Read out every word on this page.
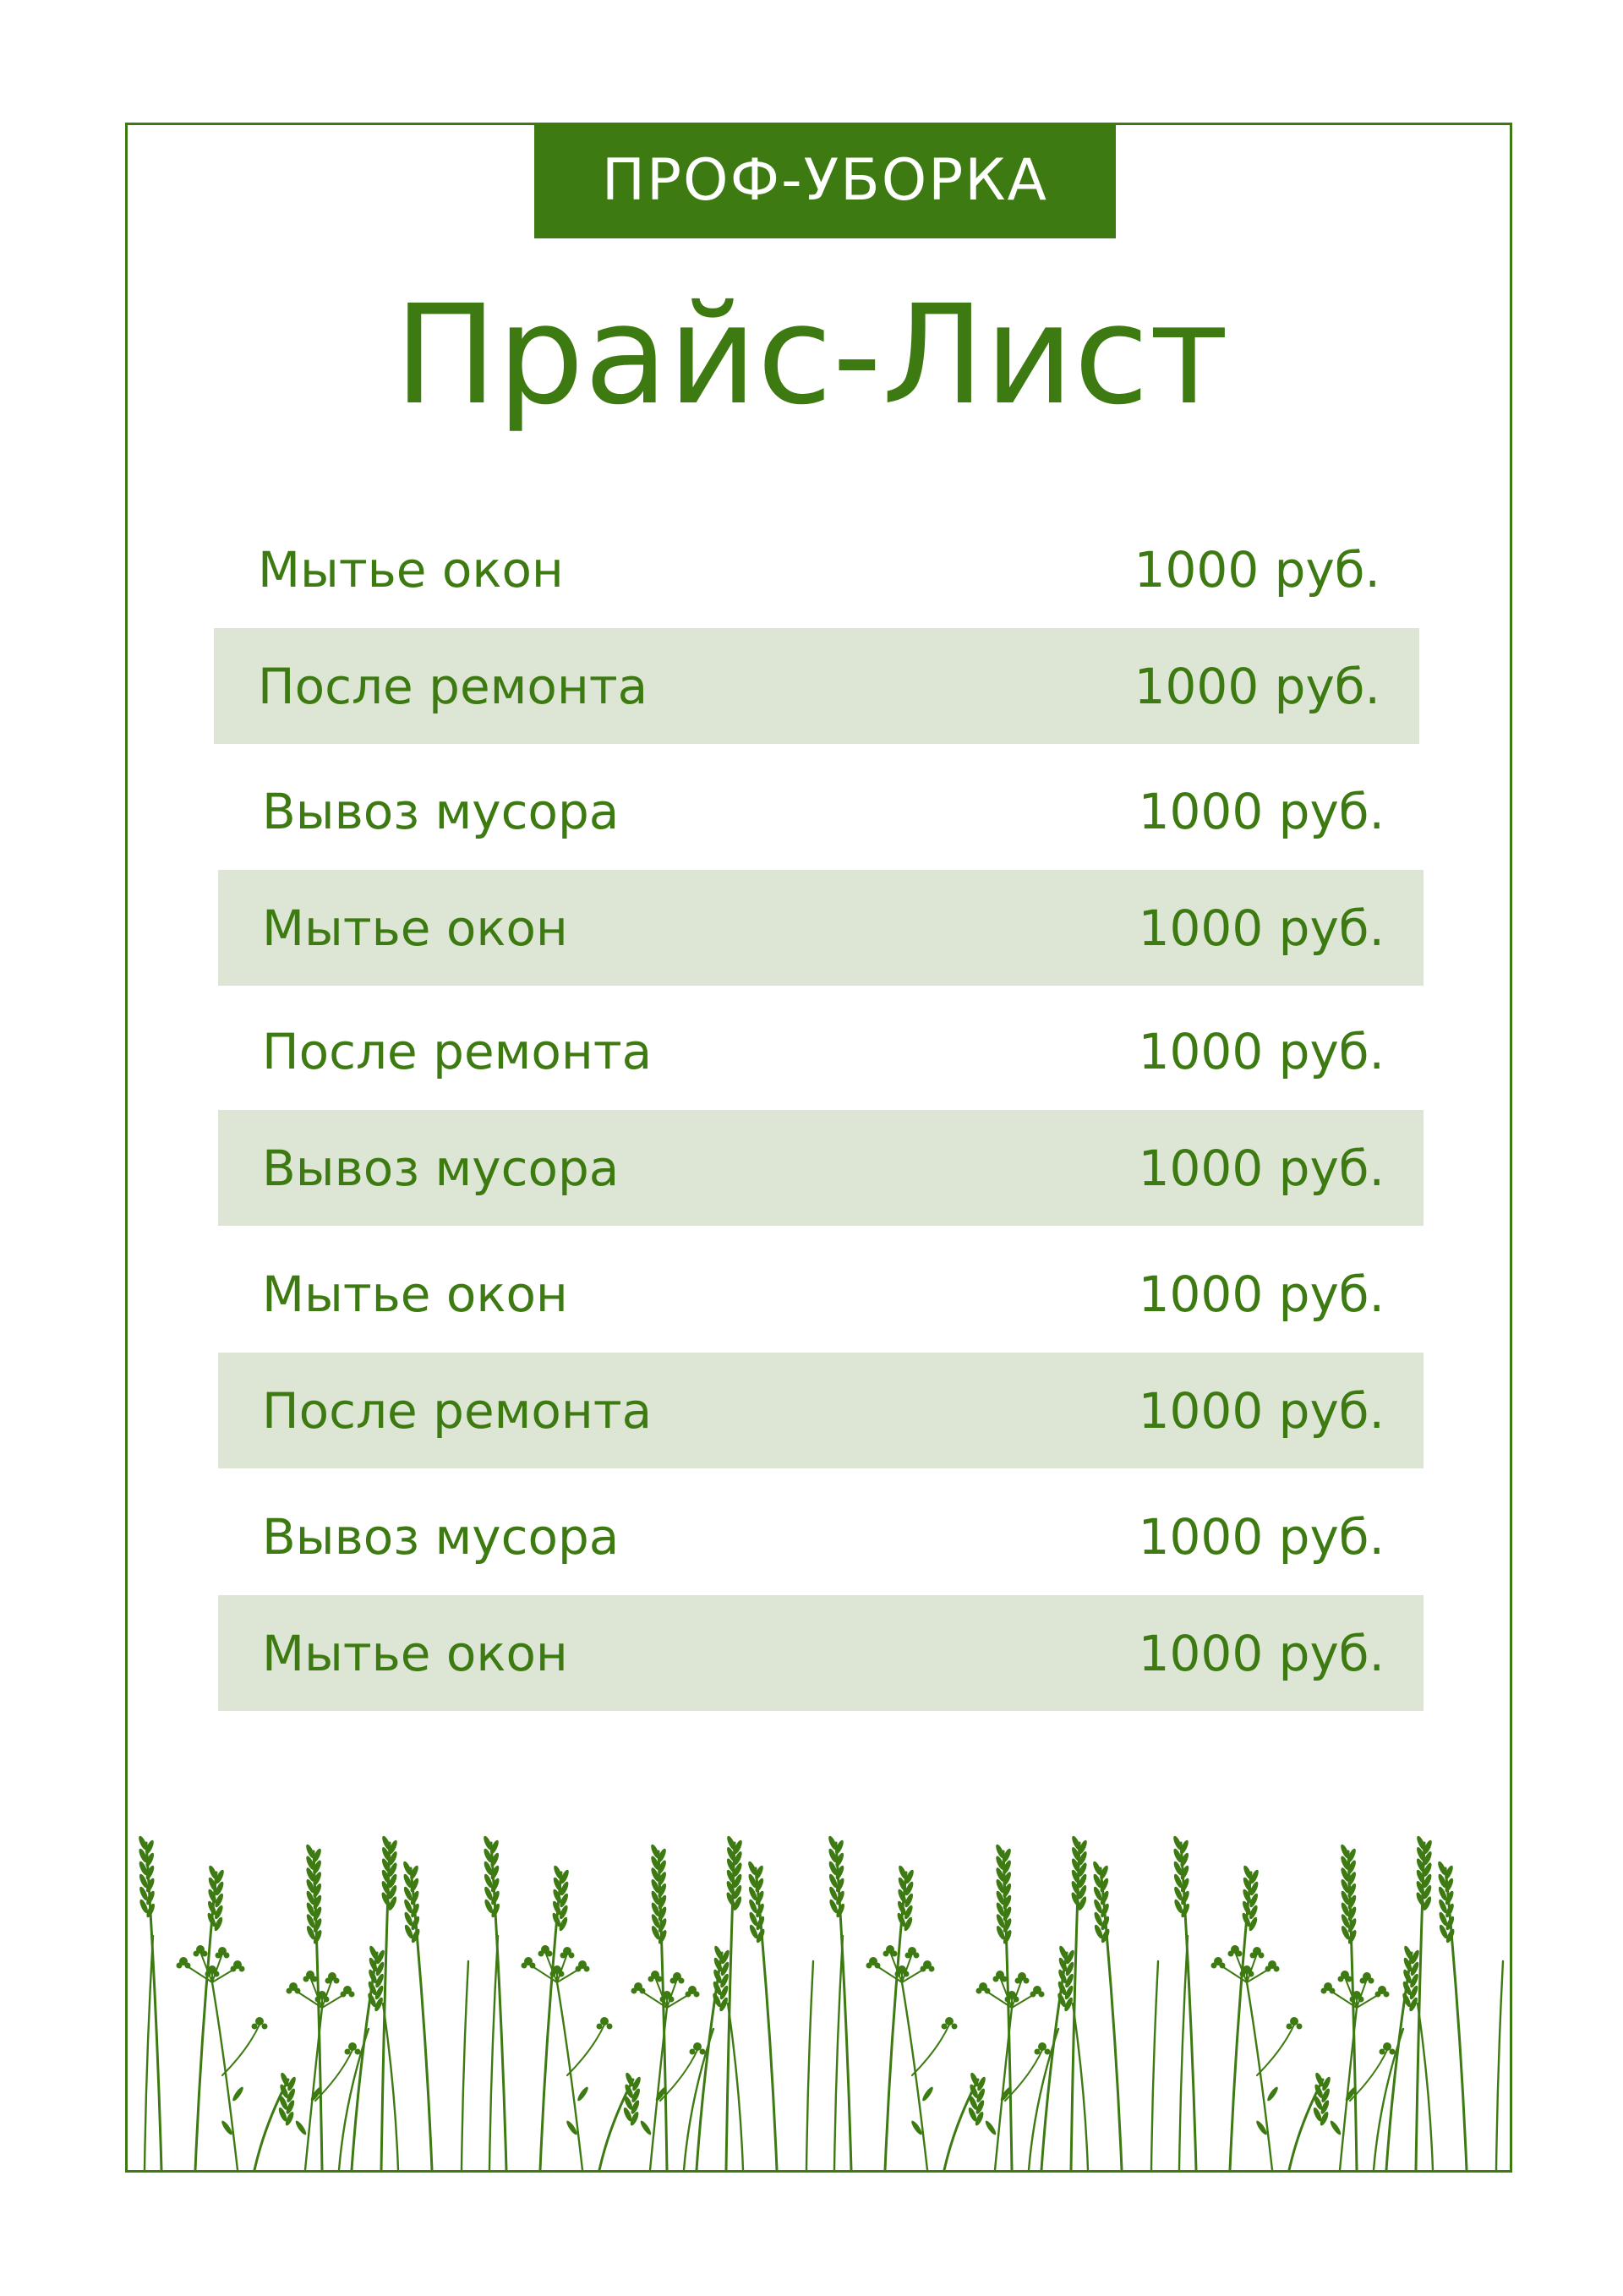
ПРОФ-УБОРКА
Прайс-Лист
Мытье окон	1000 руб.
После ремонта	1000 руб.
Вывоз мусора	1000 руб.
Мытье окон	1000 руб.
После ремонта	1000 руб.
Вывоз мусора	1000 руб.
Мытье окон	1000 руб.
После ремонта	1000 руб.
Вывоз мусора	1000 руб.
Мытье окон	1000 руб.
